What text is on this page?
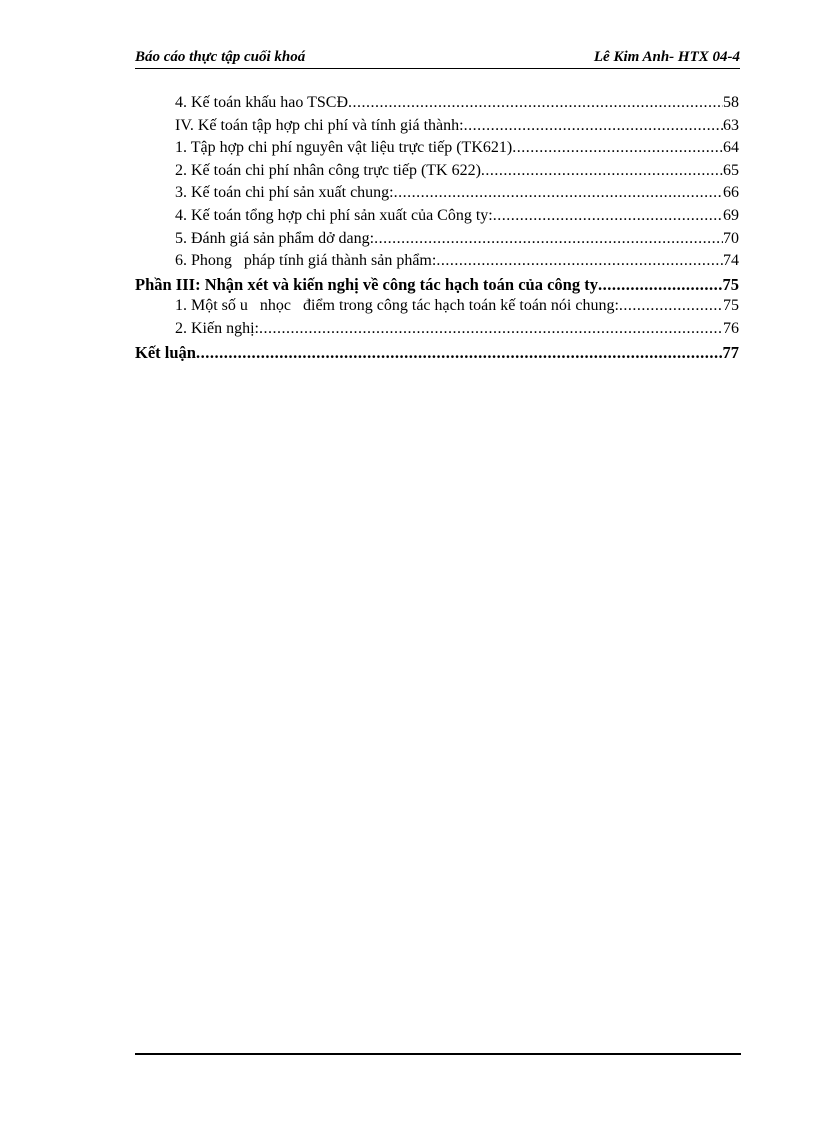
Báo cáo thực tập cuối khoá	Lê Kim Anh- HTX 04-4
4. Kế toán khấu hao TSCĐ .....	58
IV. Kế toán tập hợp chi phí và tính giá thành: .....	63
1. Tập hợp chi phí nguyên vật liệu trực tiếp (TK621) .....	64
2. Kế toán chi phí nhân công trực tiếp (TK 622) .....	65
3. Kế toán chi phí sản xuất chung: .....	66
4. Kế toán tổng hợp chi phí sản xuất của Công ty: .....	69
5. Đánh giá sản phẩm dở dang: .....	70
6. Phong   pháp tính giá thành sản phẩm: .....	74
Phần III: Nhận xét và kiến nghị về công tác hạch toán của công ty .....	75
1. Một số u   nhọc   điểm trong công tác hạch toán kế toán nói chung: .....	75
2. Kiến nghị: .....	76
Kết luận .....	77
